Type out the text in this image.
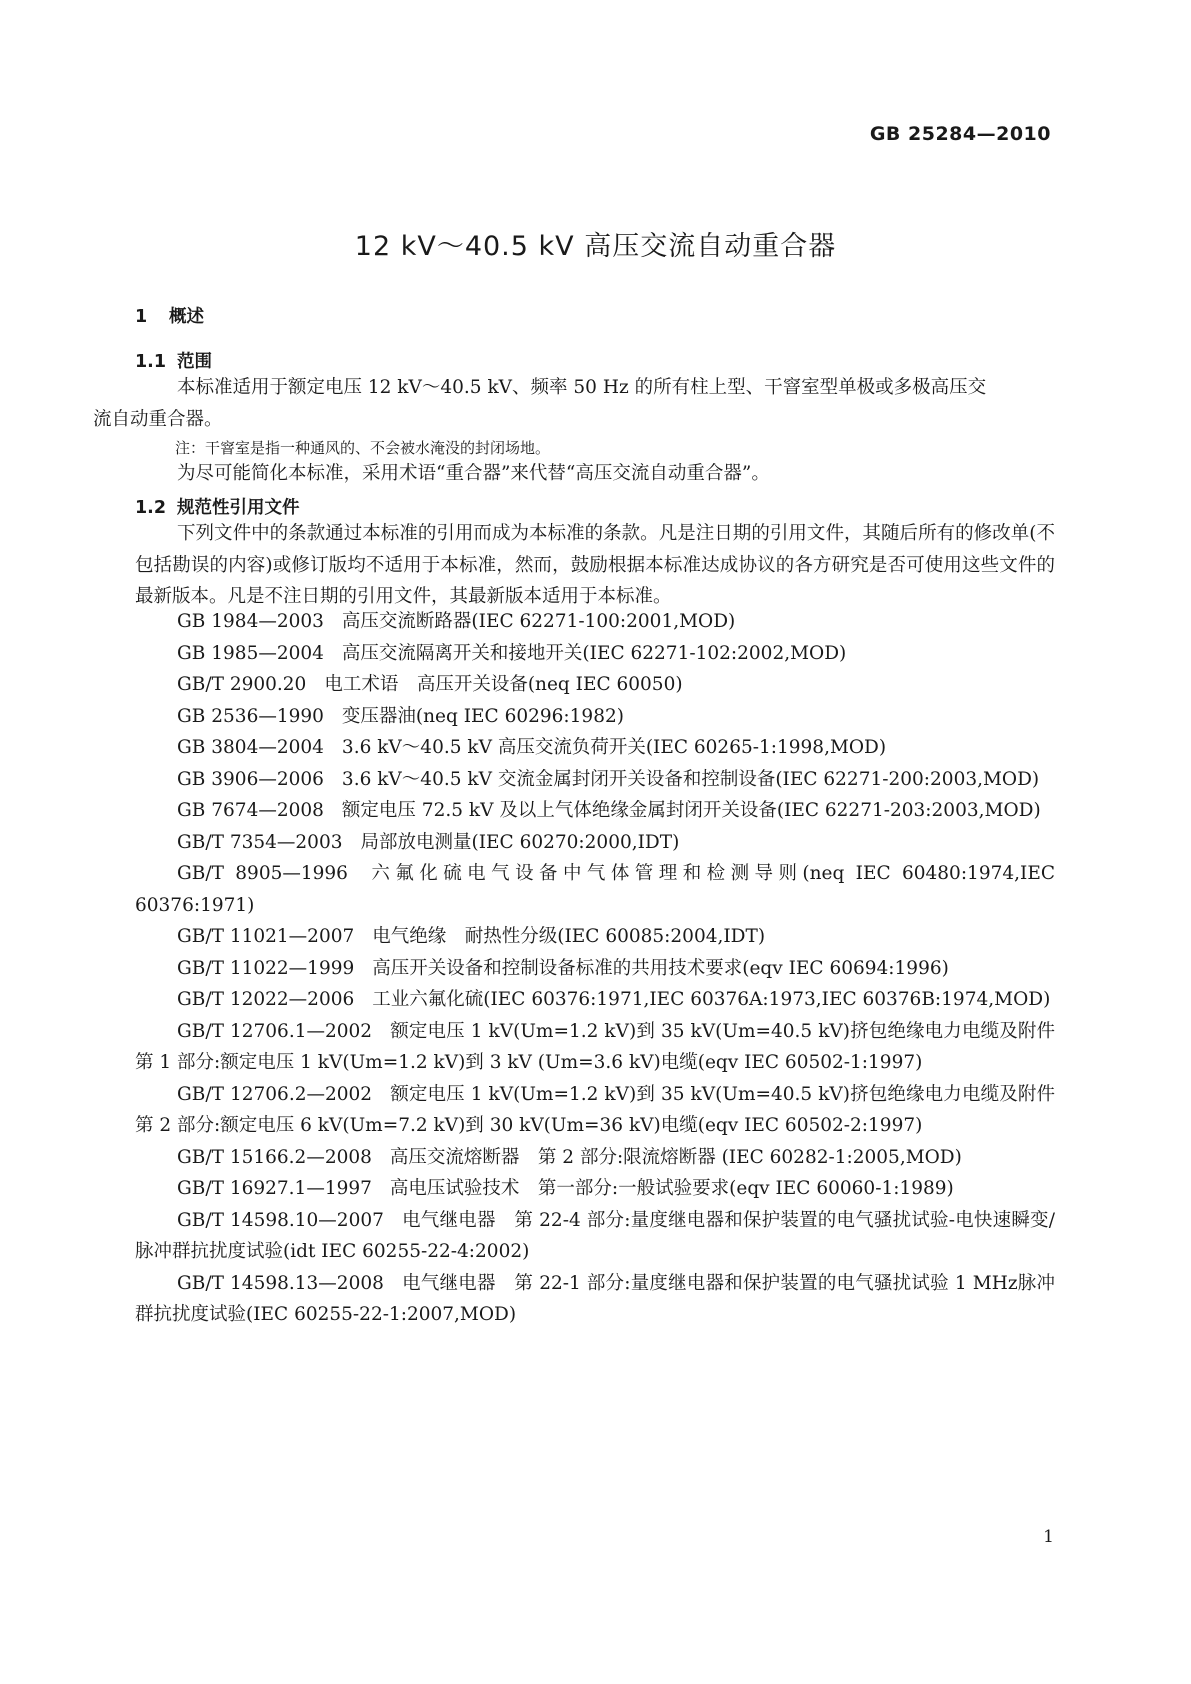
GB 25284—2010
12 kV～40.5 kV 高压交流自动重合器
1 概述
1.1 范围
本标准适用于额定电压 12 kV～40.5 kV、频率 50 Hz 的所有柱上型、干窨室型单极或多极高压交
流自动重合器。
注：干窨室是指一种通风的、不会被水淹没的封闭场地。
为尽可能简化本标准，采用术语“重合器”来代替“高压交流自动重合器”。
1.2 规范性引用文件
下列文件中的条款通过本标准的引用而成为本标准的条款。凡是注日期的引用文件，其随后所有的修改单(不包括勘误的内容)或修订版均不适用于本标准，然而，鼓励根据本标准达成协议的各方研究是否可使用这些文件的最新版本。凡是不注日期的引用文件，其最新版本适用于本标准。
GB 1984—2003 高压交流断路器(IEC 62271-100:2001,MOD)
GB 1985—2004 高压交流隔离开关和接地开关(IEC 62271-102:2002,MOD)
GB/T 2900.20 电工术语　高压开关设备(neq IEC 60050)
GB 2536—1990 变压器油(neq IEC 60296:1982)
GB 3804—2004 3.6 kV～40.5 kV 高压交流负荷开关(IEC 60265-1:1998,MOD)
GB 3906—2006 3.6 kV～40.5 kV 交流金属封闭开关设备和控制设备(IEC 62271-200:2003,MOD)
GB 7674—2008 额定电压 72.5 kV 及以上气体绝缘金属封闭开关设备(IEC 62271-203:2003,MOD)
GB/T 7354—2003 局部放电测量(IEC 60270:2000,IDT)
GB/T 8905—1996 六氟化硫电气设备中气体管理和检测导则(neq IEC 60480:1974,IEC 60376:1971)
GB/T 11021—2007 电气绝缘　耐热性分级(IEC 60085:2004,IDT)
GB/T 11022—1999 高压开关设备和控制设备标准的共用技术要求(eqv IEC 60694:1996)
GB/T 12022—2006 工业六氟化硫(IEC 60376:1971,IEC 60376A:1973,IEC 60376B:1974,MOD)
GB/T 12706.1—2002 额定电压 1 kV(Um=1.2 kV)到 35 kV(Um=40.5 kV)挤包绝缘电力电缆及附件　第 1 部分:额定电压 1 kV(Um=1.2 kV)到 3 kV (Um=3.6 kV)电缆(eqv IEC 60502-1:1997)
GB/T 12706.2—2002 额定电压 1 kV(Um=1.2 kV)到 35 kV(Um=40.5 kV)挤包绝缘电力电缆及附件　第 2 部分:额定电压 6 kV(Um=7.2 kV)到 30 kV(Um=36 kV)电缆(eqv IEC 60502-2:1997)
GB/T 15166.2—2008 高压交流熔断器　第 2 部分:限流熔断器 (IEC 60282-1:2005,MOD)
GB/T 16927.1—1997 高电压试验技术　第一部分:一般试验要求(eqv IEC 60060-1:1989)
GB/T 14598.10—2007 电气继电器　第 22-4 部分:量度继电器和保护装置的电气骚扰试验-电快速瞬变/脉冲群抗扰度试验(idt IEC 60255-22-4:2002)
GB/T 14598.13—2008 电气继电器　第 22-1 部分:量度继电器和保护装置的电气骚扰试验 1 MHz脉冲群抗扰度试验(IEC 60255-22-1:2007,MOD)
1
